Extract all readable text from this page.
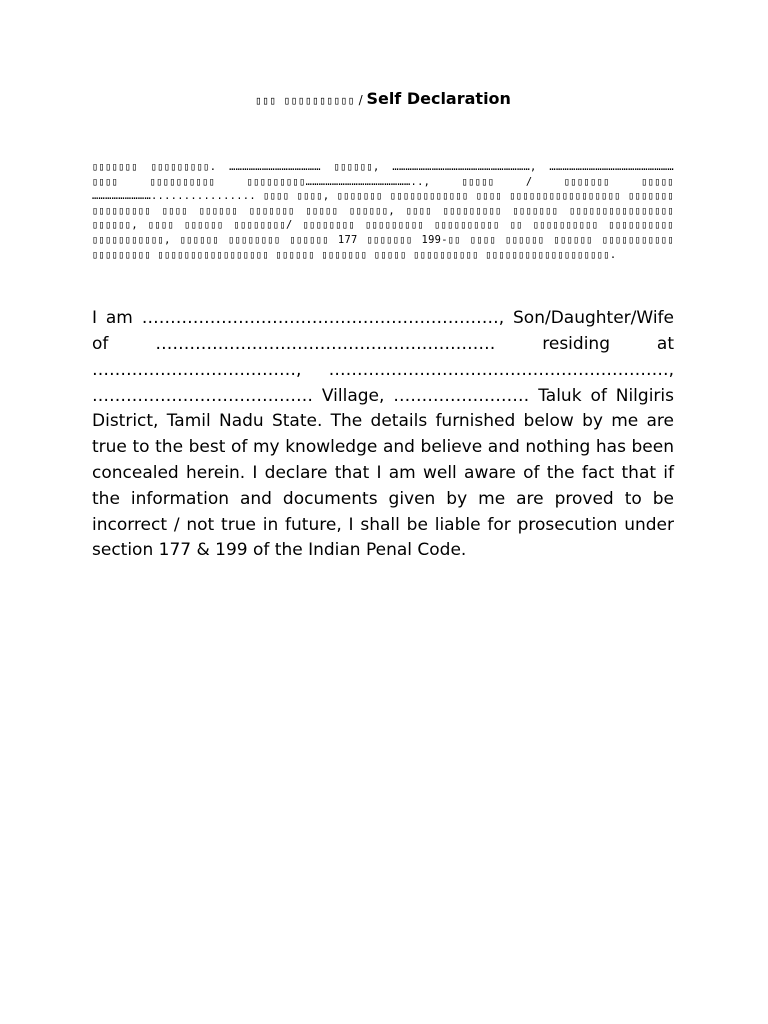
▯▯▯ ▯▯▯▯▯▯▯▯▯▯ / Self Declaration

▯▯▯▯▯▯▯ ▯▯▯▯▯▯▯▯▯. …………………………………… ▯▯▯▯▯▯, ………………………………………………………, ………………………………………………… ▯▯▯▯ ▯▯▯▯▯▯▯▯▯▯ ▯▯▯▯▯▯▯▯▯………………………………………….., ▯▯▯▯▯ / ▯▯▯▯▯▯▯ ▯▯▯▯▯ ………………………................ ▯▯▯▯ ▯▯▯▯, ▯▯▯▯▯▯▯ ▯▯▯▯▯▯▯▯▯▯▯▯ ▯▯▯▯ ▯▯▯▯▯▯▯▯▯▯▯▯▯▯▯▯▯ ▯▯▯▯▯▯▯ ▯▯▯▯▯▯▯▯▯ ▯▯▯▯ ▯▯▯▯▯▯ ▯▯▯▯▯▯▯ ▯▯▯▯▯ ▯▯▯▯▯▯, ▯▯▯▯ ▯▯▯▯▯▯▯▯▯ ▯▯▯▯▯▯▯ ▯▯▯▯▯▯▯▯▯▯▯▯▯▯▯▯ ▯▯▯▯▯▯, ▯▯▯▯ ▯▯▯▯▯▯ ▯▯▯▯▯▯▯▯/ ▯▯▯▯▯▯▯▯ ▯▯▯▯▯▯▯▯▯ ▯▯▯▯▯▯▯▯▯▯ ▯▯ ▯▯▯▯▯▯▯▯▯▯ ▯▯▯▯▯▯▯▯▯▯ ▯▯▯▯▯▯▯▯▯▯▯, ▯▯▯▯▯▯ ▯▯▯▯▯▯▯▯ ▯▯▯▯▯▯ 177 ▯▯▯▯▯▯▯ 199-▯▯ ▯▯▯▯ ▯▯▯▯▯▯ ▯▯▯▯▯▯ ▯▯▯▯▯▯▯▯▯▯▯ ▯▯▯▯▯▯▯▯▯ ▯▯▯▯▯▯▯▯▯▯▯▯▯▯▯▯▯ ▯▯▯▯▯▯ ▯▯▯▯▯▯▯ ▯▯▯▯▯ ▯▯▯▯▯▯▯▯▯▯ ▯▯▯▯▯▯▯▯▯▯▯▯▯▯▯▯▯▯▯.

I am ………………………………………………………, Son/Daughter/Wife of …………………………………………………… residing at ………………………………, ……………………………………………………, ………………………………… Village, …………………… Taluk of Nilgiris District, Tamil Nadu State. The details furnished below by me are true to the best of my knowledge and believe and nothing has been concealed herein. I declare that I am well aware of the fact that if the information and documents given by me are proved to be incorrect / not true in future, I shall be liable for prosecution under section 177 & 199 of the Indian Penal Code.
